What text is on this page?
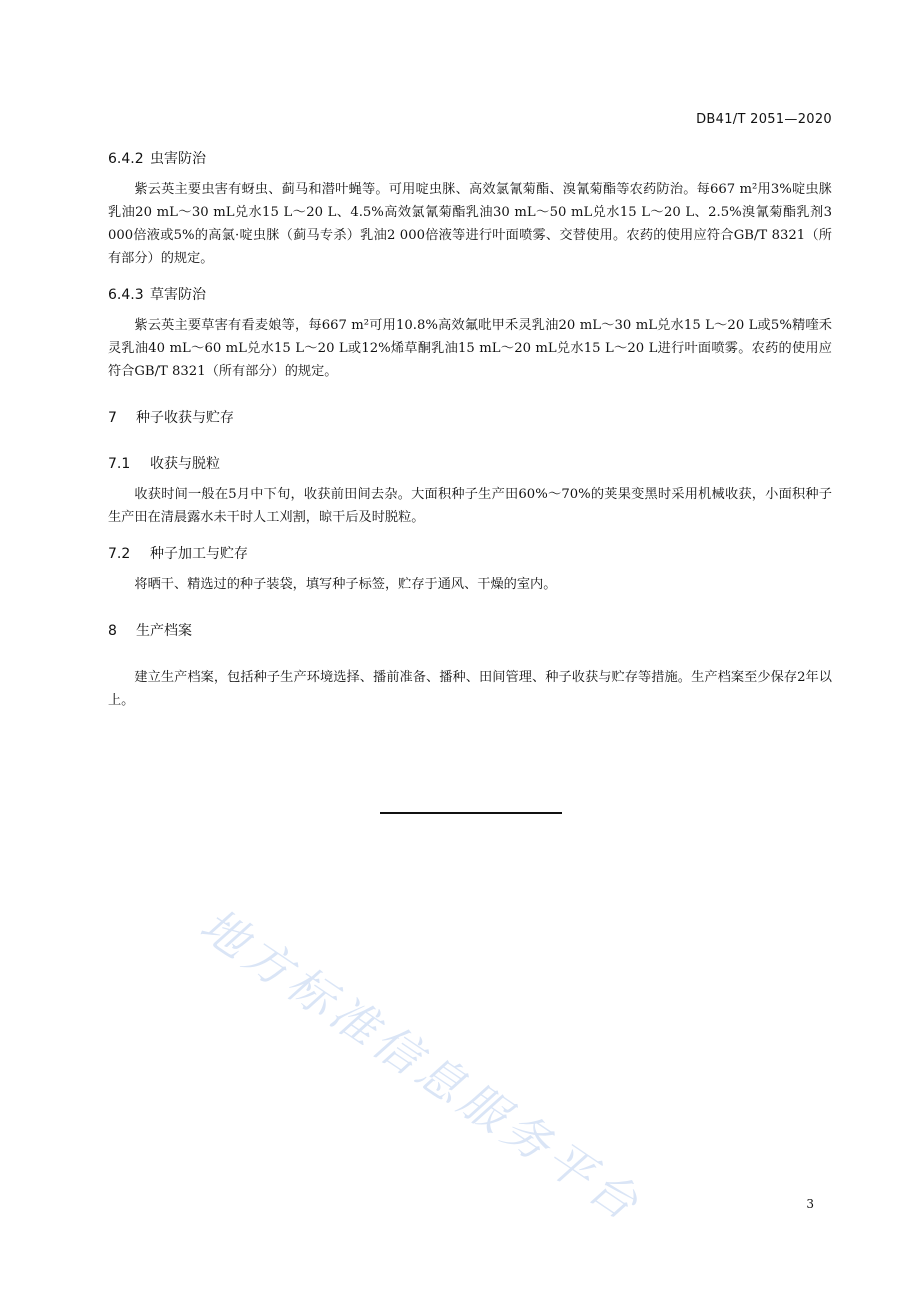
DB41/T 2051—2020
6.4.2 虫害防治

紫云英主要虫害有蚜虫、蓟马和潜叶蝇等。可用啶虫脒、高效氯氰菊酯、溴氰菊酯等农药防治。每667 m²用3%啶虫脒乳油20 mL～30 mL兑水15 L～20 L、4.5%高效氯氰菊酯乳油30 mL～50 mL兑水15 L～20 L、2.5%溴氰菊酯乳剂3 000倍液或5%的高氯·啶虫脒（蓟马专杀）乳油2 000倍液等进行叶面喷雾、交替使用。农药的使用应符合GB/T 8321（所有部分）的规定。

6.4.3 草害防治

紫云英主要草害有看麦娘等，每667 m²可用10.8%高效氟吡甲禾灵乳油20 mL～30 mL兑水15 L～20 L或5%精喹禾灵乳油40 mL～60 mL兑水15 L～20 L或12%烯草酮乳油15 mL～20 mL兑水15 L～20 L进行叶面喷雾。农药的使用应符合GB/T 8321（所有部分）的规定。

7 种子收获与贮存
7.1 收获与脱粒

收获时间一般在5月中下旬，收获前田间去杂。大面积种子生产田60%～70%的荚果变黑时采用机械收获，小面积种子生产田在清晨露水未干时人工刈割，晾干后及时脱粒。

7.2 种子加工与贮存

将晒干、精选过的种子装袋，填写种子标签，贮存于通风、干燥的室内。

8 生产档案

建立生产档案，包括种子生产环境选择、播前准备、播种、田间管理、种子收获与贮存等措施。生产档案至少保存2年以上。

地方标准信息服务平台	3
